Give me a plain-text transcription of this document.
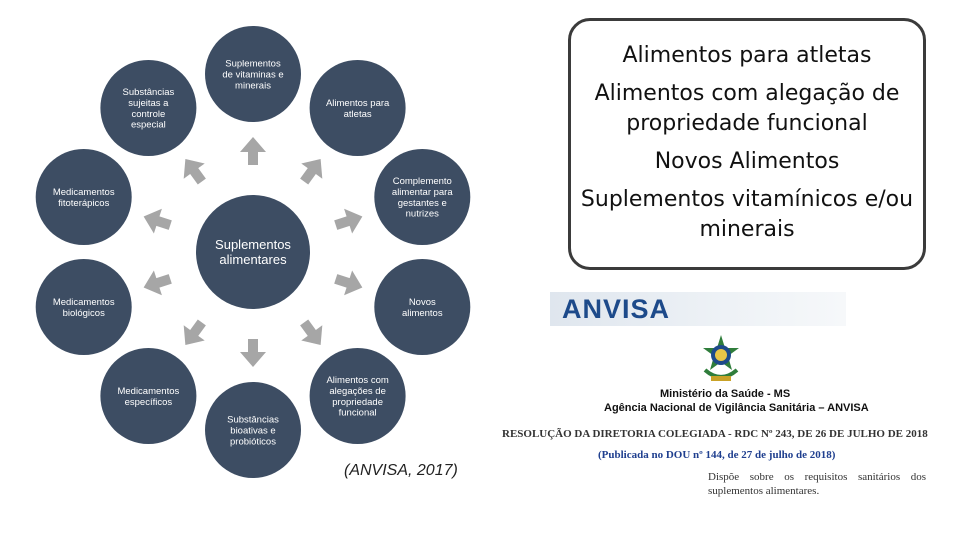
Suplementos alimentares
Suplementos de vitaminas e minerais
Alimentos para atletas
Complemento alimentar para gestantes e nutrizes
Novos alimentos
Alimentos com alegações de propriedade funcional
Substâncias bioativas e probióticos
Medicamentos específicos
Medicamentos biológicos
Medicamentos fitoterápicos
Substâncias sujeitas a controle especial
Alimentos para atletas
Alimentos com alegação de propriedade funcional
Novos Alimentos
Suplementos vitamínicos e/ou minerais
(ANVISA, 2017)
ANVISA
Ministério da Saúde - MS
Agência Nacional de Vigilância Sanitária – ANVISA
RESOLUÇÃO DA DIRETORIA COLEGIADA - RDC Nº 243, DE 26 DE JULHO DE 2018
(Publicada no DOU nº 144, de 27 de julho de 2018)
Dispõe sobre os requisitos sanitários dos suplementos alimentares.
